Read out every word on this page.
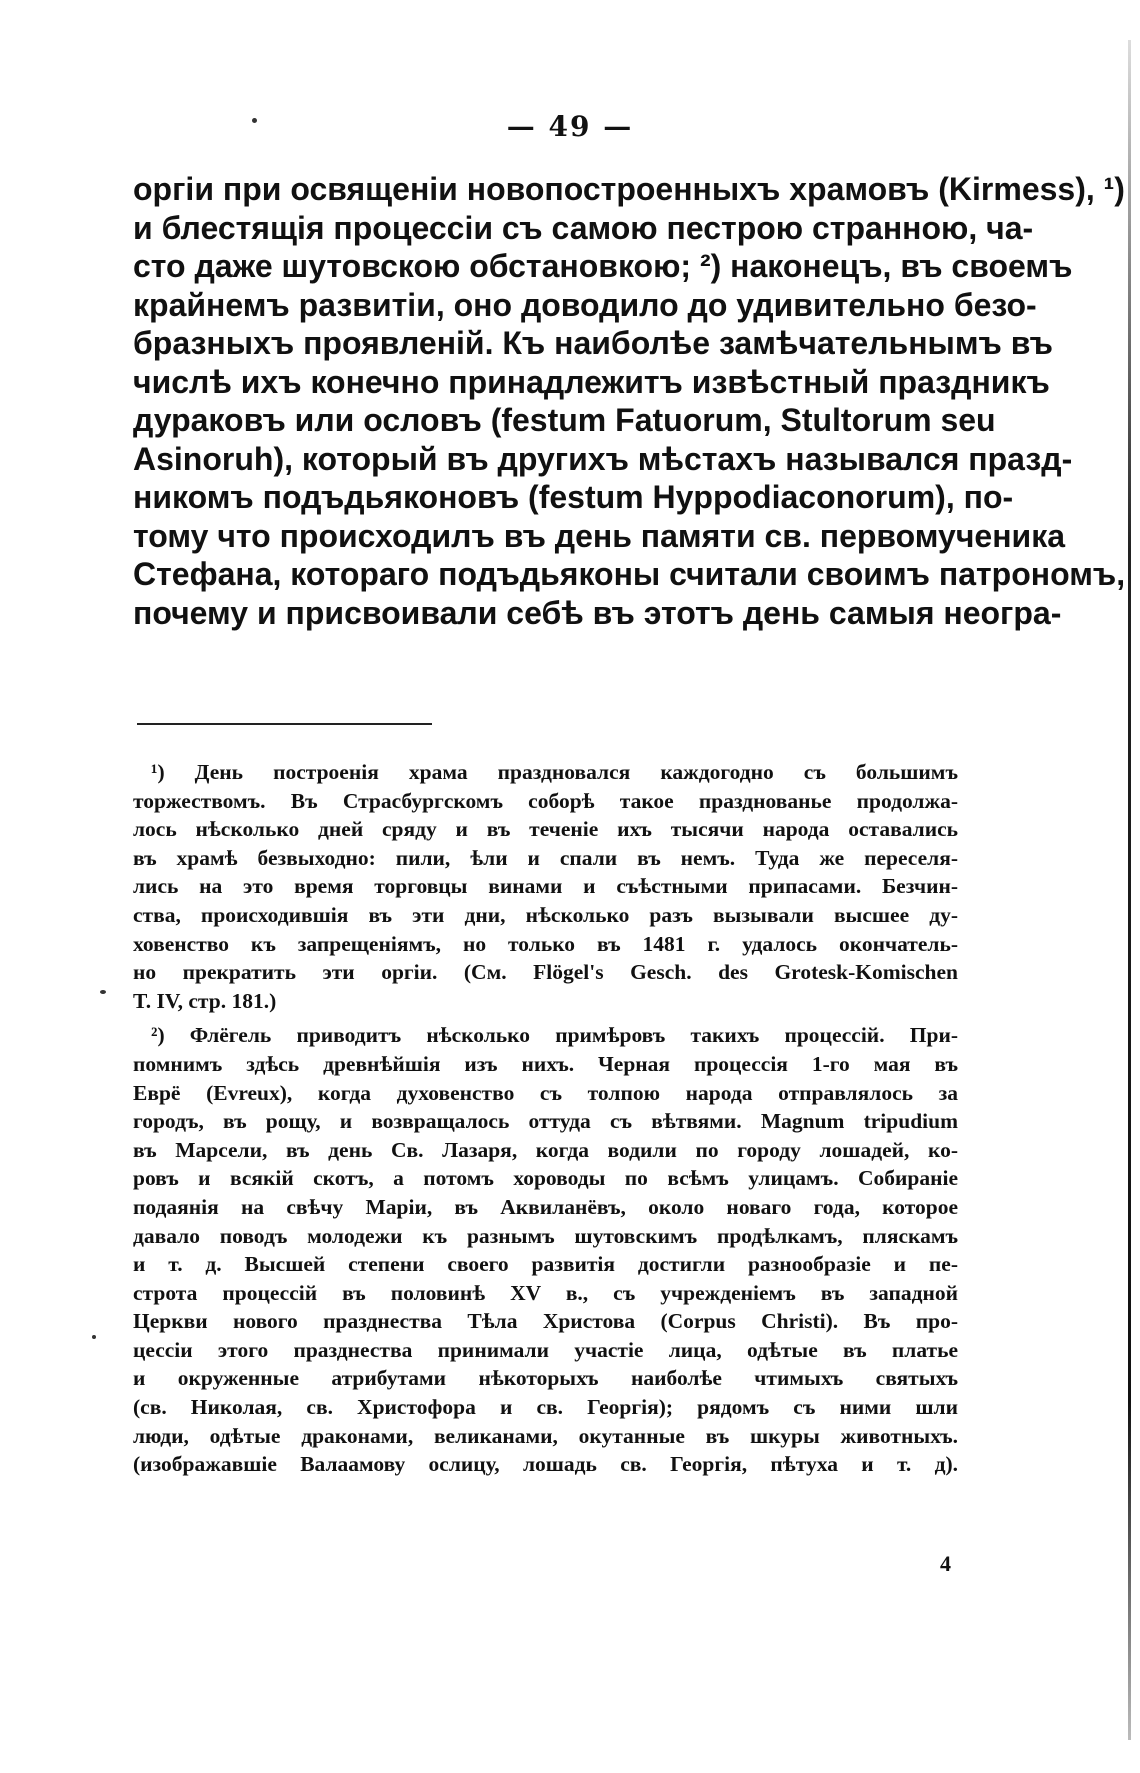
— 49 —
оргіи при освященіи новопостроенныхъ храмовъ (Kirmess), ¹)
и блестящія процессіи съ самою пестрою странною, ча-
сто даже шутовскою обстановкою; ²) наконецъ, въ своемъ
крайнемъ развитіи, оно доводило до удивительно безо-
бразныхъ проявленій. Къ наиболѣе замѣчательнымъ въ
числѣ ихъ конечно принадлежитъ извѣстный праздникъ
дураковъ или ословъ (festum Fatuorum, Stultorum seu
Asinoruh), который въ другихъ мѣстахъ назывался празд-
никомъ подъдьяконовъ (festum Hyppodiaconorum), по-
тому что происходилъ въ день памяти св. первомученика
Стефана, котораго подъдьяконы считали своимъ патрономъ,
почему и присвоивали себѣ въ этотъ день самыя неогра-
¹) День построенія храма праздновался каждогодно съ большимъ
торжествомъ. Въ Страсбургскомъ соборѣ такое празднованье продолжа-
лось нѣсколько дней сряду и въ теченіе ихъ тысячи народа оставались
въ храмѣ безвыходно: пили, ѣли и спали въ немъ. Туда же переселя-
лись на это время торговцы винами и съѣстными припасами. Безчин-
ства, происходившія въ эти дни, нѣсколько разъ вызывали высшее ду-
ховенство къ запрещеніямъ, но только въ 1481 г. удалось окончатель-
но прекратить эти оргіи. (См. Flögel's Gesch. des Grotesk-Komischen
T. IV, стр. 181.)
²) Флёгель приводитъ нѣсколько примѣровъ такихъ процессій. При-
помнимъ здѣсь древнѣйшія изъ нихъ. Черная процессія 1-го мая въ
Еврё (Evreux), когда духовенство съ толпою народа отправлялось за
городъ, въ рощу, и возвращалось оттуда съ вѣтвями. Magnum tripudium
въ Марсели, въ день Св. Лазаря, когда водили по городу лошадей, ко-
ровъ и всякій скотъ, а потомъ хороводы по всѣмъ улицамъ. Собираніе
подаянія на свѣчу Маріи, въ Аквиланёвъ, около новаго года, которое
давало поводъ молодежи къ разнымъ шутовскимъ продѣлкамъ, пляскамъ
и т. д. Высшей степени своего развитія достигли разнообразіе и пе-
строта процессій въ половинѣ XV в., съ учрежденіемъ въ западной
Церкви нового празднества Тѣла Христова (Corpus Christi). Въ про-
цессіи этого празднества принимали участіе лица, одѣтые въ платье
и окруженные атрибутами нѣкоторыхъ наиболѣе чтимыхъ святыхъ
(св. Николая, св. Христофора и св. Георгія); рядомъ съ ними шли
люди, одѣтые драконами, великанами, окутанные въ шкуры животныхъ.
(изображавшіе Валаамову ослицу, лошадь св. Георгія, пѣтуха и т. д).
4
